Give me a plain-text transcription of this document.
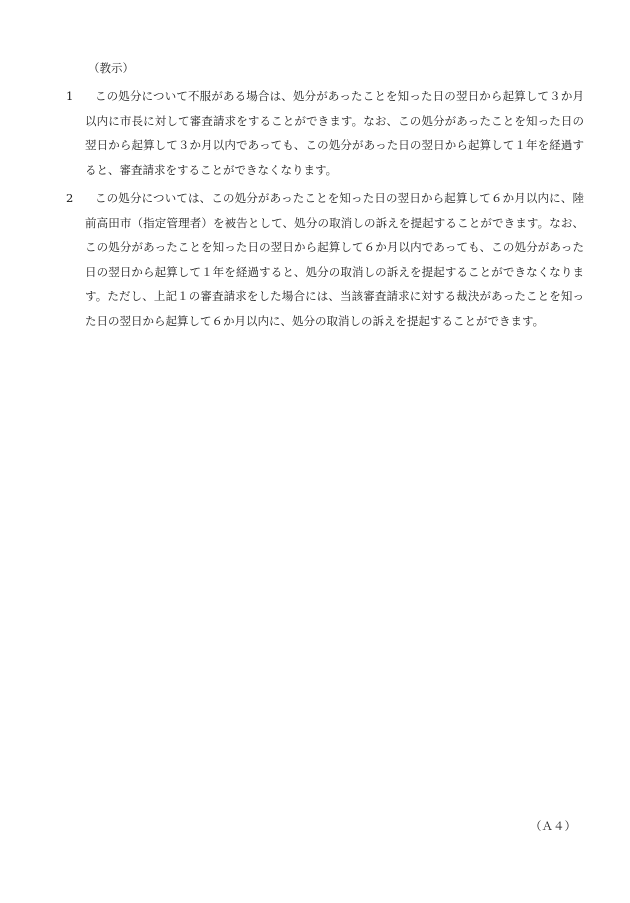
（教示）
1	この処分について不服がある場合は、処分があったことを知った日の翌日から起算して３か月以内に市長に対して審査請求をすることができます。なお、この処分があったことを知った日の翌日から起算して３か月以内であっても、この処分があった日の翌日から起算して１年を経過すると、審査請求をすることができなくなります。
2	この処分については、この処分があったことを知った日の翌日から起算して６か月以内に、陸前高田市（指定管理者）を被告として、処分の取消しの訴えを提起することができます。なお、この処分があったことを知った日の翌日から起算して６か月以内であっても、この処分があった日の翌日から起算して１年を経過すると、処分の取消しの訴えを提起することができなくなります。ただし、上記１の審査請求をした場合には、当該審査請求に対する裁決があったことを知った日の翌日から起算して６か月以内に、処分の取消しの訴えを提起することができます。
（Ａ４）
